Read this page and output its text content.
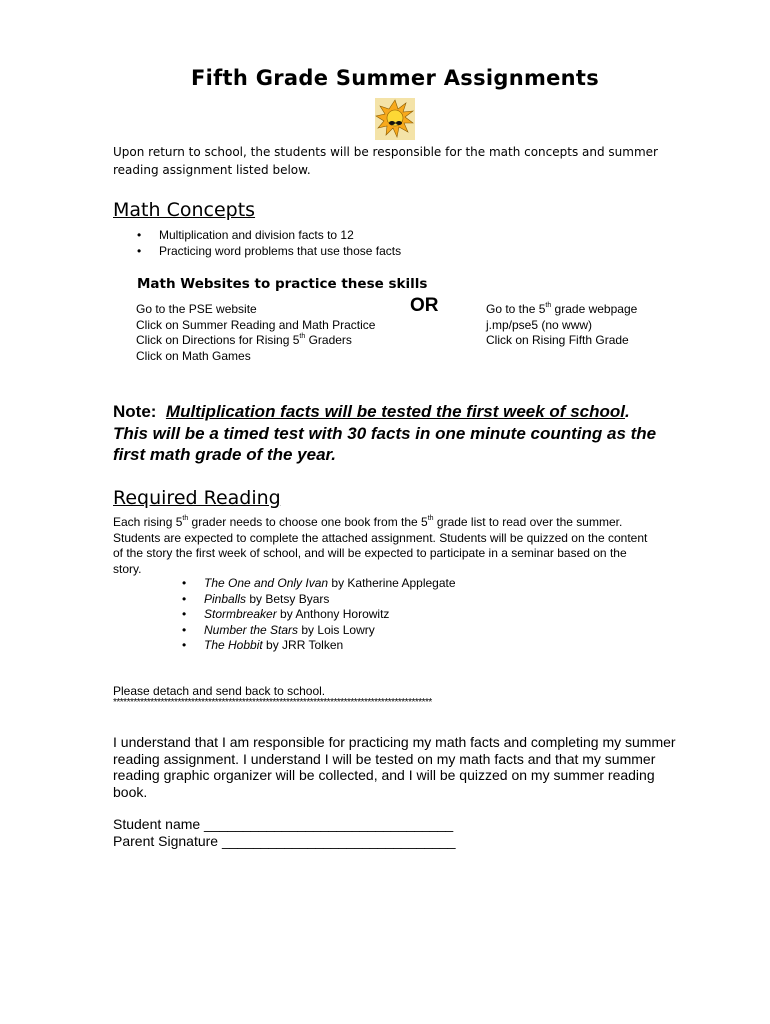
Fifth Grade Summer Assignments
Upon return to school, the students will be responsible for the math concepts and summer
reading assignment listed below.
Math Concepts
• Multiplication and division facts to 12
• Practicing word problems that use those facts
Math Websites to practice these skills
Go to the PSE website
Click on Summer Reading and Math Practice
Click on Directions for Rising 5th Graders
Click on Math Games
OR	Go to the 5th grade webpage
j.mp/pse5 (no www)
Click on Rising Fifth Grade
Note: Multiplication facts will be tested the first week of school.
This will be a timed test with 30 facts in one minute counting as the
first math grade of the year.
Required Reading
Each rising 5th grader needs to choose one book from the 5th grade list to read over the summer.
Students are expected to complete the attached assignment. Students will be quizzed on the content
of the story the first week of school, and will be expected to participate in a seminar based on the
story.
• The One and Only Ivan by Katherine Applegate
• Pinballs by Betsy Byars
• Stormbreaker by Anthony Horowitz
• Number the Stars by Lois Lowry
• The Hobbit by JRR Tolken
Please detach and send back to school.
**********************************************************************************************
I understand that I am responsible for practicing my math facts and completing my summer
reading assignment. I understand I will be tested on my math facts and that my summer
reading graphic organizer will be collected, and I will be quizzed on my summer reading
book.
Student name ________________________________
Parent Signature ______________________________
